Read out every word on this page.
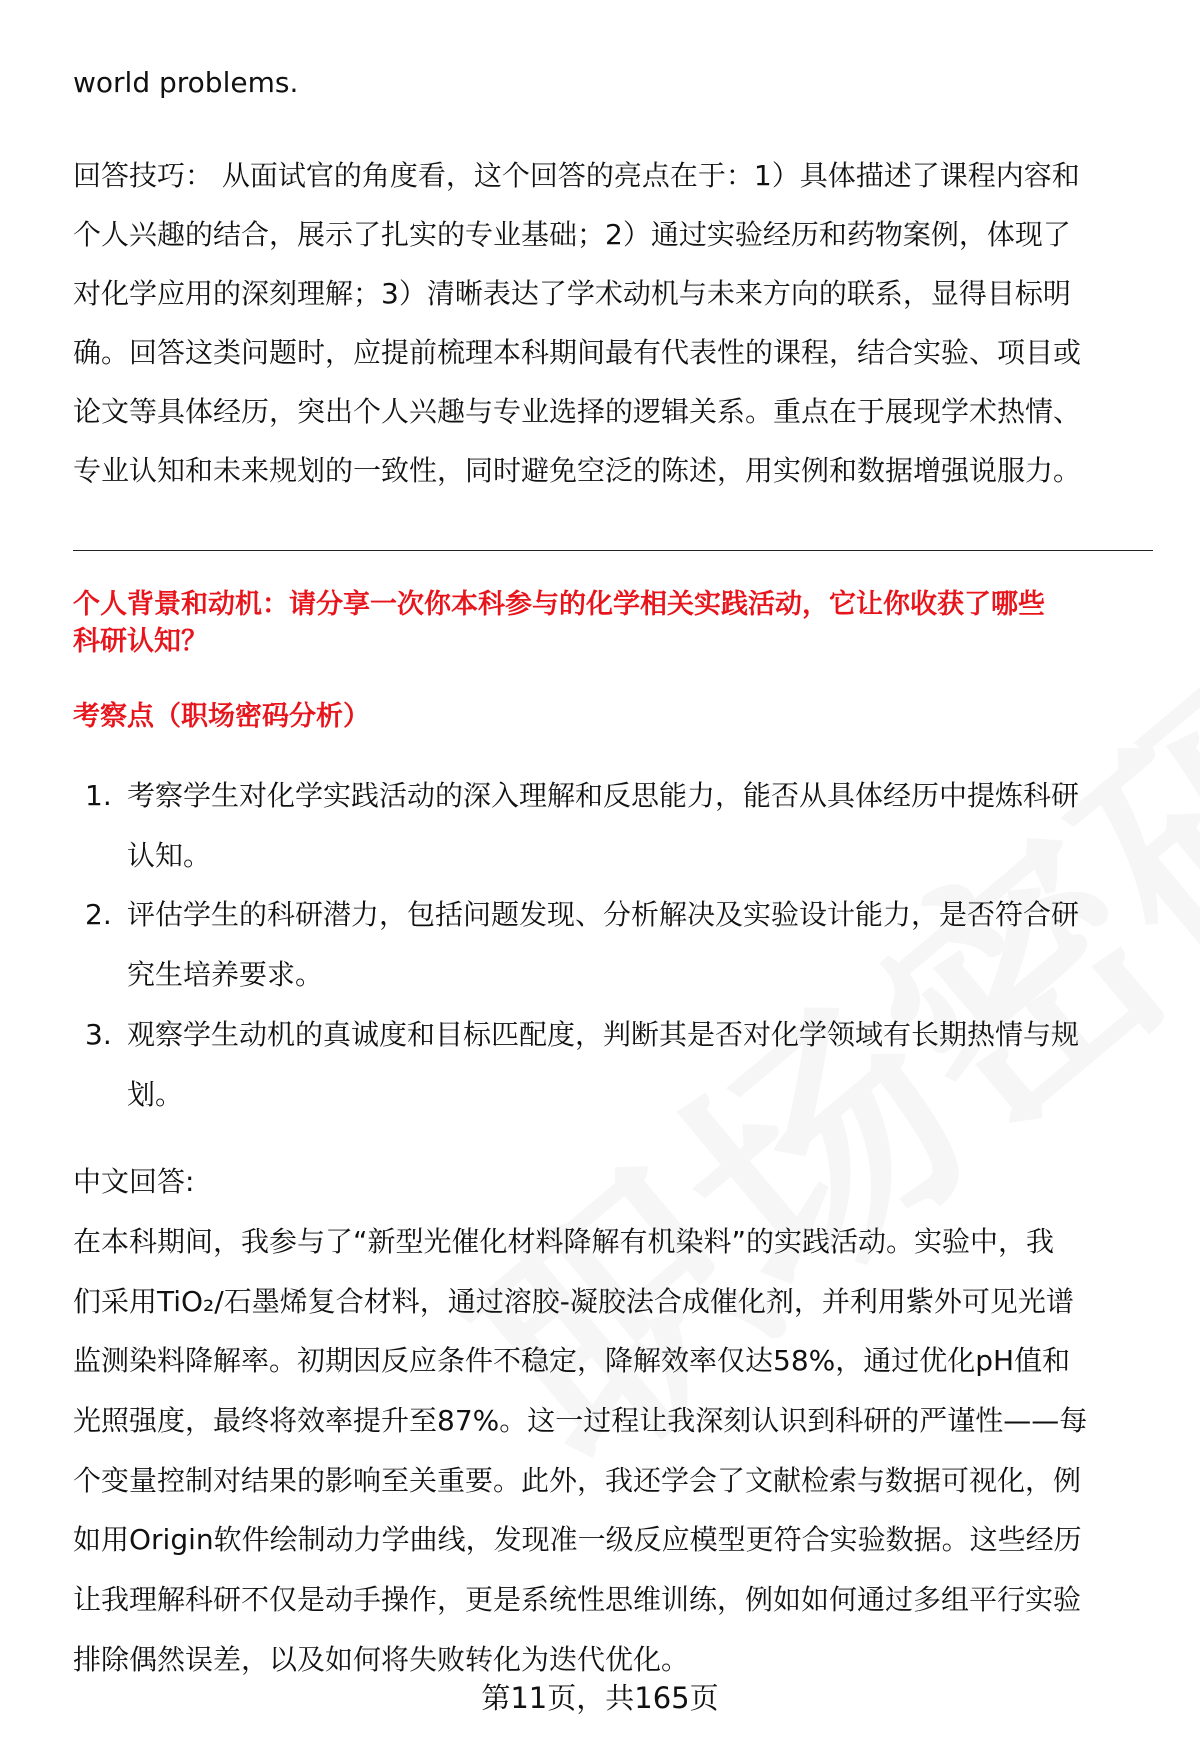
world problems.
回答技巧： 从面试官的角度看，这个回答的亮点在于：1）具体描述了课程内容和
个人兴趣的结合，展示了扎实的专业基础；2）通过实验经历和药物案例，体现了
对化学应用的深刻理解；3）清晰表达了学术动机与未来方向的联系，显得目标明
确。回答这类问题时，应提前梳理本科期间最有代表性的课程，结合实验、项目或
论文等具体经历，突出个人兴趣与专业选择的逻辑关系。重点在于展现学术热情、
专业认知和未来规划的一致性，同时避免空泛的陈述，用实例和数据增强说服力。
个人背景和动机：请分享一次你本科参与的化学相关实践活动，它让你收获了哪些
科研认知？
考察点（职场密码分析）
1. 考察学生对化学实践活动的深入理解和反思能力，能否从具体经历中提炼科研
认知。
2. 评估学生的科研潜力，包括问题发现、分析解决及实验设计能力，是否符合研
究生培养要求。
3. 观察学生动机的真诚度和目标匹配度，判断其是否对化学领域有长期热情与规
划。
中文回答:
在本科期间，我参与了“新型光催化材料降解有机染料”的实践活动。实验中，我
们采用TiO₂/石墨烯复合材料，通过溶胶-凝胶法合成催化剂，并利用紫外可见光谱
监测染料降解率。初期因反应条件不稳定，降解效率仅达58%，通过优化pH值和
光照强度，最终将效率提升至87%。这一过程让我深刻认识到科研的严谨性——每
个变量控制对结果的影响至关重要。此外，我还学会了文献检索与数据可视化，例
如用Origin软件绘制动力学曲线，发现准一级反应模型更符合实验数据。这些经历
让我理解科研不仅是动手操作，更是系统性思维训练，例如如何通过多组平行实验
排除偶然误差，以及如何将失败转化为迭代优化。
第11页，共165页
